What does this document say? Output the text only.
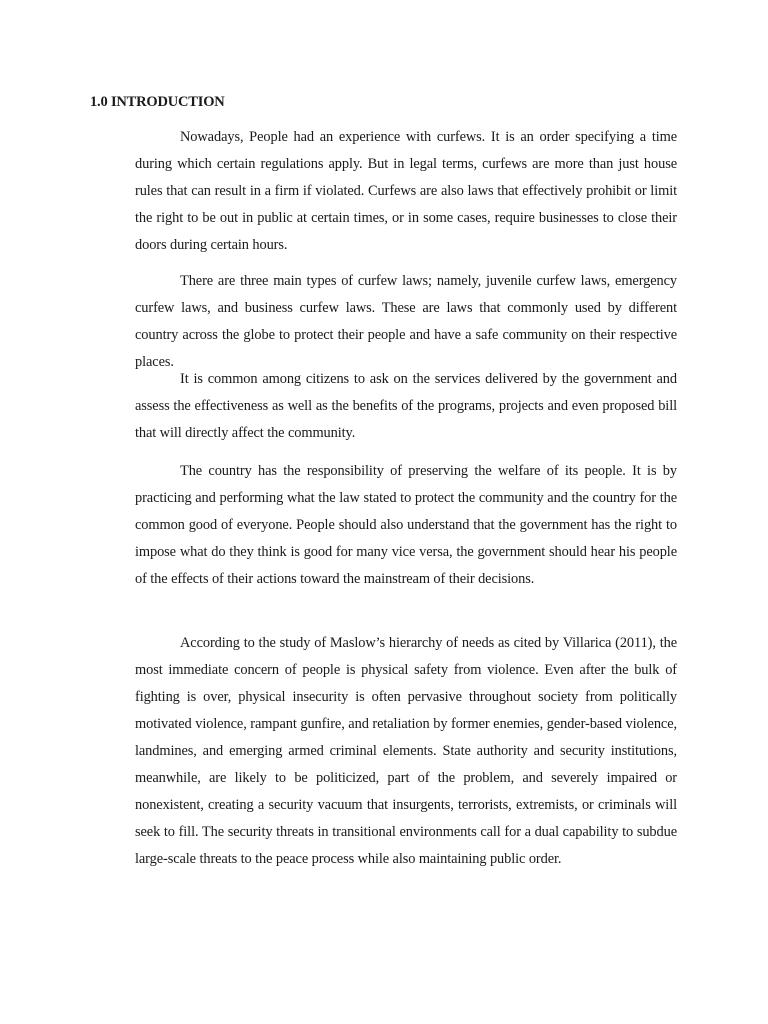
1.0 INTRODUCTION

Nowadays, People had an experience with curfews. It is an order specifying a time during which certain regulations apply. But in legal terms, curfews are more than just house rules that can result in a firm if violated. Curfews are also laws that effectively prohibit or limit the right to be out in public at certain times, or in some cases, require businesses to close their doors during certain hours.

There are three main types of curfew laws; namely, juvenile curfew laws, emergency curfew laws, and business curfew laws. These are laws that commonly used by different country across the globe to protect their people and have a safe community on their respective places.

It is common among citizens to ask on the services delivered by the government and assess the effectiveness as well as the benefits of the programs, projects and even proposed bill that will directly affect the community.

The country has the responsibility of preserving the welfare of its people. It is by practicing and performing what the law stated to protect the community and the country for the common good of everyone. People should also understand that the government has the right to impose what do they think is good for many vice versa, the government should hear his people of the effects of their actions toward the mainstream of their decisions.

According to the study of Maslow’s hierarchy of needs as cited by Villarica (2011), the most immediate concern of people is physical safety from violence. Even after the bulk of fighting is over, physical insecurity is often pervasive throughout society from politically motivated violence, rampant gunfire, and retaliation by former enemies, gender-based violence, landmines, and emerging armed criminal elements. State authority and security institutions, meanwhile, are likely to be politicized, part of the problem, and severely impaired or nonexistent, creating a security vacuum that insurgents, terrorists, extremists, or criminals will seek to fill. The security threats in transitional environments call for a dual capability to subdue large-scale threats to the peace process while also maintaining public order.
